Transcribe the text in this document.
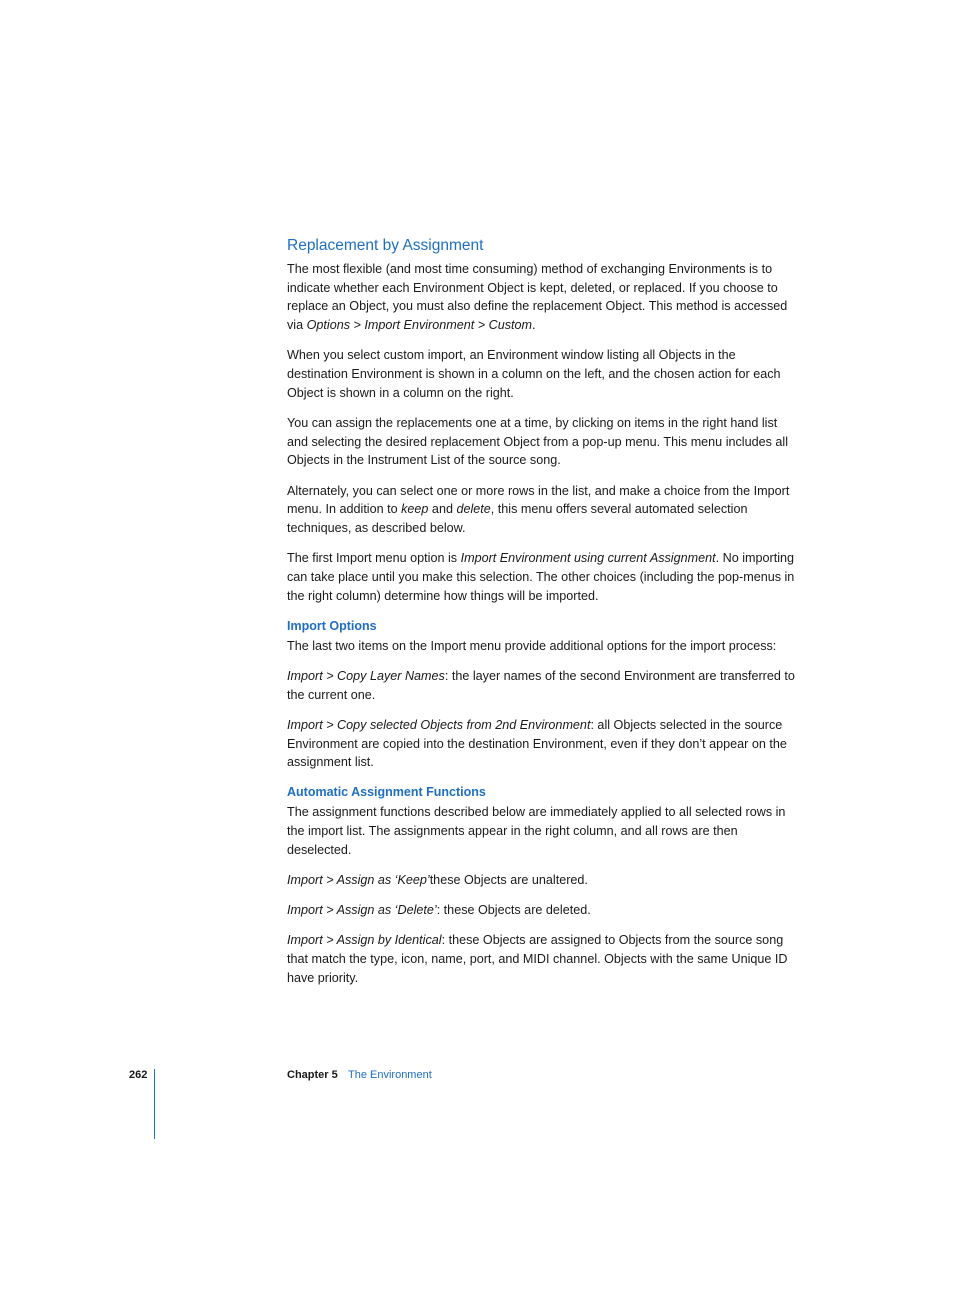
Replacement by Assignment

The most flexible (and most time consuming) method of exchanging Environments is to indicate whether each Environment Object is kept, deleted, or replaced. If you choose to replace an Object, you must also define the replacement Object. This method is accessed via Options > Import Environment > Custom.

When you select custom import, an Environment window listing all Objects in the destination Environment is shown in a column on the left, and the chosen action for each Object is shown in a column on the right.

You can assign the replacements one at a time, by clicking on items in the right hand list and selecting the desired replacement Object from a pop-up menu. This menu includes all Objects in the Instrument List of the source song.

Alternately, you can select one or more rows in the list, and make a choice from the Import menu. In addition to keep and delete, this menu offers several automated selection techniques, as described below.

The first Import menu option is Import Environment using current Assignment. No importing can take place until you make this selection. The other choices (including the pop-menus in the right column) determine how things will be imported.

Import Options

The last two items on the Import menu provide additional options for the import process:

Import > Copy Layer Names: the layer names of the second Environment are transferred to the current one.

Import > Copy selected Objects from 2nd Environment: all Objects selected in the source Environment are copied into the destination Environment, even if they don’t appear on the assignment list.

Automatic Assignment Functions

The assignment functions described below are immediately applied to all selected rows in the import list. The assignments appear in the right column, and all rows are then deselected.

Import > Assign as ‘Keep’these Objects are unaltered.

Import > Assign as ‘Delete’: these Objects are deleted.

Import > Assign by Identical: these Objects are assigned to Objects from the source song that match the type, icon, name, port, and MIDI channel. Objects with the same Unique ID have priority.

262	Chapter 5 The Environment
